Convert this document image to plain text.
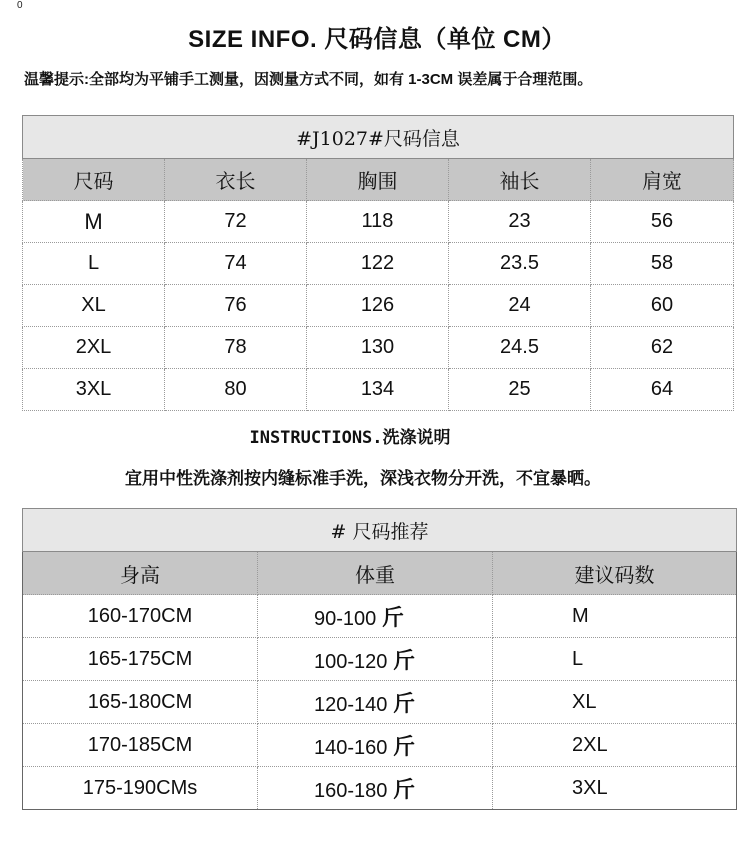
0
SIZE INFO. 尺码信息（单位 CM）
温馨提示:全部均为平铺手工测量，因测量方式不同，如有 1-3CM 误差属于合理范围。
#J1027#尺码信息				
尺码	衣长	胸围	袖长	肩宽
M	72	118	23	56
L	74	122	23.5	58
XL	76	126	24	60
2XL	78	130	24.5	62
3XL	80	134	25	64
INSTRUCTIONS.洗涤说明
宜用中性洗涤剂按内缝标准手洗，深浅衣物分开洗，不宜暴晒。
# 尺码推荐		
身高	体重	建议码数
160-170CM	90-100 斤	M
165-175CM	100-120 斤	L
165-180CM	120-140 斤	XL
170-185CM	140-160 斤	2XL
175-190CMs	160-180 斤	3XL
